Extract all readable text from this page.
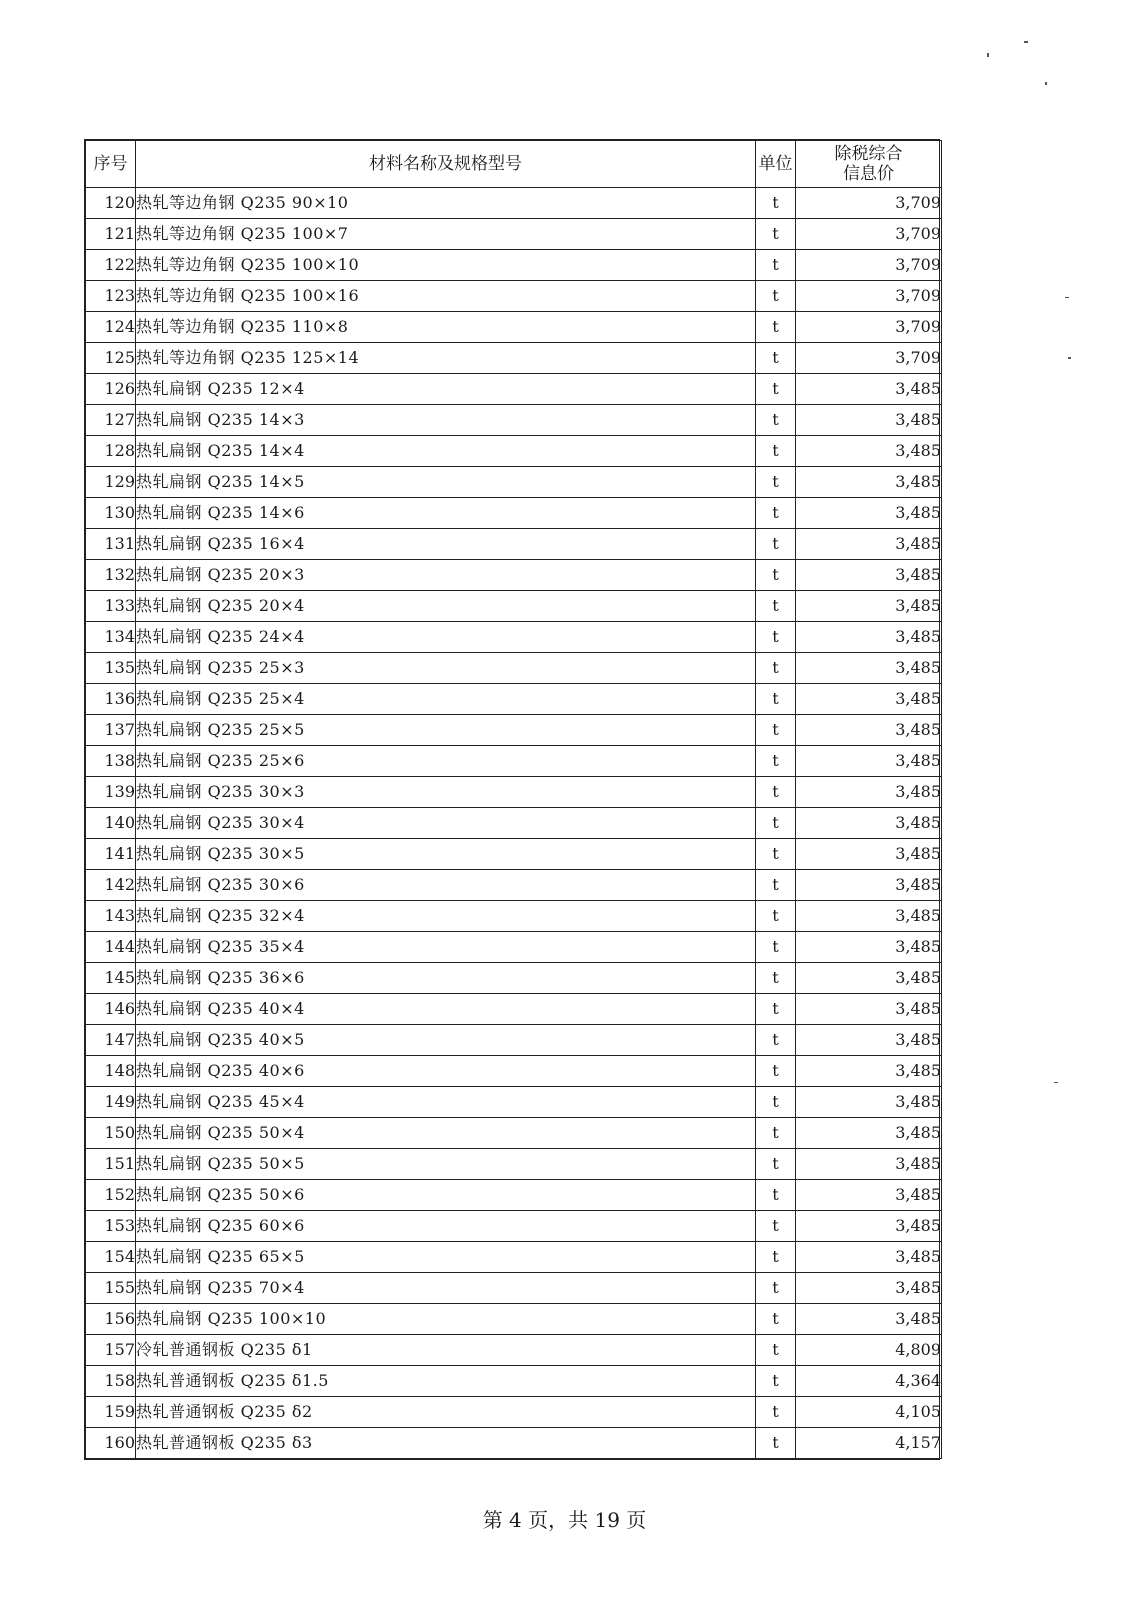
序号	材料名称及规格型号	单位	除税综合
信息价

120	热轧等边角钢 Q235 90×10	t	3,709
121	热轧等边角钢 Q235 100×7	t	3,709
122	热轧等边角钢 Q235 100×10	t	3,709
123	热轧等边角钢 Q235 100×16	t	3,709
124	热轧等边角钢 Q235 110×8	t	3,709
125	热轧等边角钢 Q235 125×14	t	3,709
126	热轧扁钢 Q235 12×4	t	3,485
127	热轧扁钢 Q235 14×3	t	3,485
128	热轧扁钢 Q235 14×4	t	3,485
129	热轧扁钢 Q235 14×5	t	3,485
130	热轧扁钢 Q235 14×6	t	3,485
131	热轧扁钢 Q235 16×4	t	3,485
132	热轧扁钢 Q235 20×3	t	3,485
133	热轧扁钢 Q235 20×4	t	3,485
134	热轧扁钢 Q235 24×4	t	3,485
135	热轧扁钢 Q235 25×3	t	3,485
136	热轧扁钢 Q235 25×4	t	3,485
137	热轧扁钢 Q235 25×5	t	3,485
138	热轧扁钢 Q235 25×6	t	3,485
139	热轧扁钢 Q235 30×3	t	3,485
140	热轧扁钢 Q235 30×4	t	3,485
141	热轧扁钢 Q235 30×5	t	3,485
142	热轧扁钢 Q235 30×6	t	3,485
143	热轧扁钢 Q235 32×4	t	3,485
144	热轧扁钢 Q235 35×4	t	3,485
145	热轧扁钢 Q235 36×6	t	3,485
146	热轧扁钢 Q235 40×4	t	3,485
147	热轧扁钢 Q235 40×5	t	3,485
148	热轧扁钢 Q235 40×6	t	3,485
149	热轧扁钢 Q235 45×4	t	3,485
150	热轧扁钢 Q235 50×4	t	3,485
151	热轧扁钢 Q235 50×5	t	3,485
152	热轧扁钢 Q235 50×6	t	3,485
153	热轧扁钢 Q235 60×6	t	3,485
154	热轧扁钢 Q235 65×5	t	3,485
155	热轧扁钢 Q235 70×4	t	3,485
156	热轧扁钢 Q235 100×10	t	3,485
157	冷轧普通钢板 Q235 δ1	t	4,809
158	热轧普通钢板 Q235 δ1.5	t	4,364
159	热轧普通钢板 Q235 δ2	t	4,105
160	热轧普通钢板 Q235 δ3	t	4,157
第 4 页，共 19 页
